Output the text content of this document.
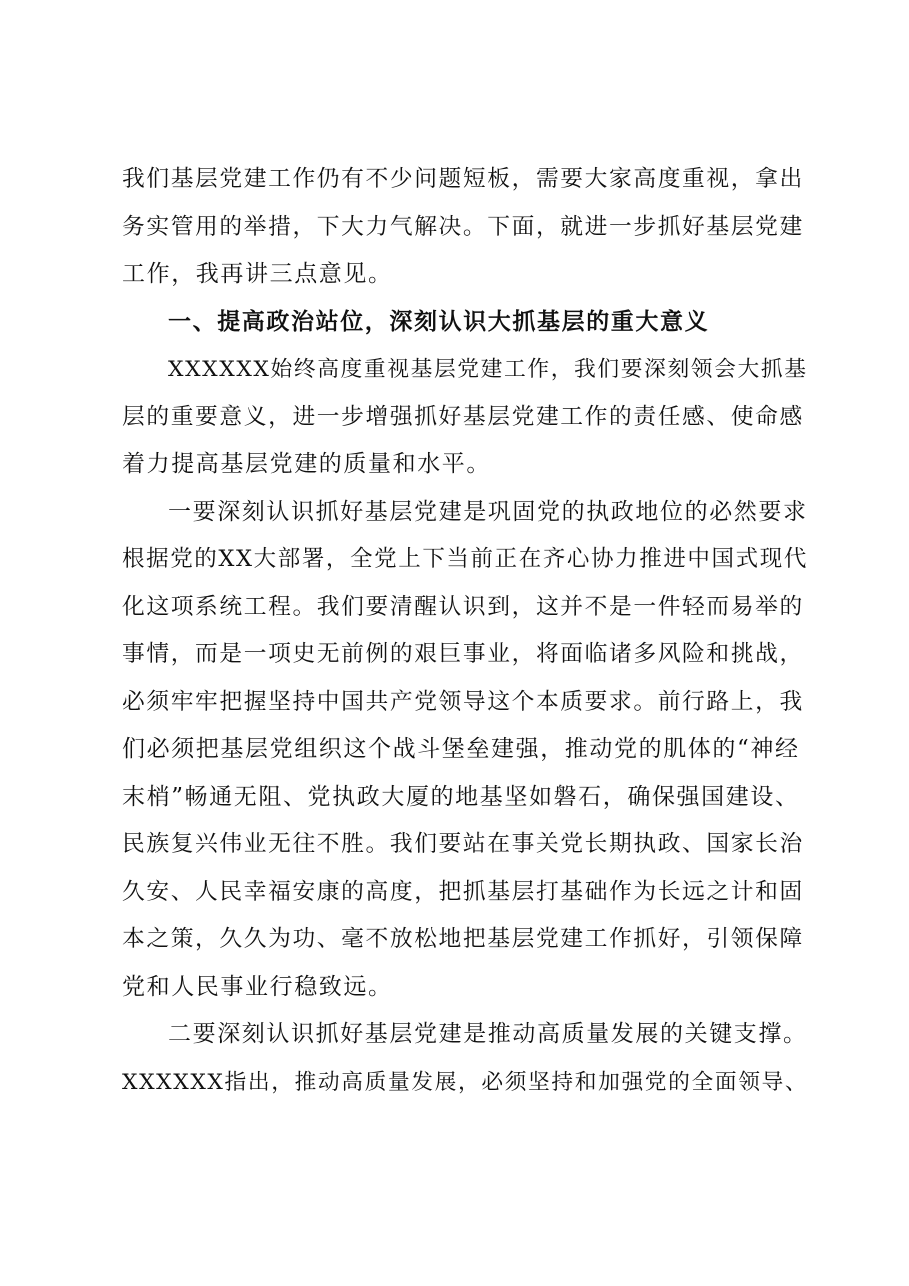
我们基层党建工作仍有不少问题短板，需要大家高度重视，拿出
务实管用的举措，下大力气解决。下面，就进一步抓好基层党建
工作，我再讲三点意见。
一、提高政治站位，深刻认识大抓基层的重大意义
XXXXXX始终高度重视基层党建工作，我们要深刻领会大抓基
层的重要意义，进一步增强抓好基层党建工作的责任感、使命感
着力提高基层党建的质量和水平。
一要深刻认识抓好基层党建是巩固党的执政地位的必然要求
根据党的XX大部署，全党上下当前正在齐心协力推进中国式现代
化这项系统工程。我们要清醒认识到，这并不是一件轻而易举的
事情，而是一项史无前例的艰巨事业，将面临诸多风险和挑战，
必须牢牢把握坚持中国共产党领导这个本质要求。前行路上，我
们必须把基层党组织这个战斗堡垒建强，推动党的肌体的“神经
末梢”畅通无阻、党执政大厦的地基坚如磐石，确保强国建设、
民族复兴伟业无往不胜。我们要站在事关党长期执政、国家长治
久安、人民幸福安康的高度，把抓基层打基础作为长远之计和固
本之策，久久为功、毫不放松地把基层党建工作抓好，引领保障
党和人民事业行稳致远。
二要深刻认识抓好基层党建是推动高质量发展的关键支撑。
XXXXXX指出，推动高质量发展，必须坚持和加强党的全面领导、
